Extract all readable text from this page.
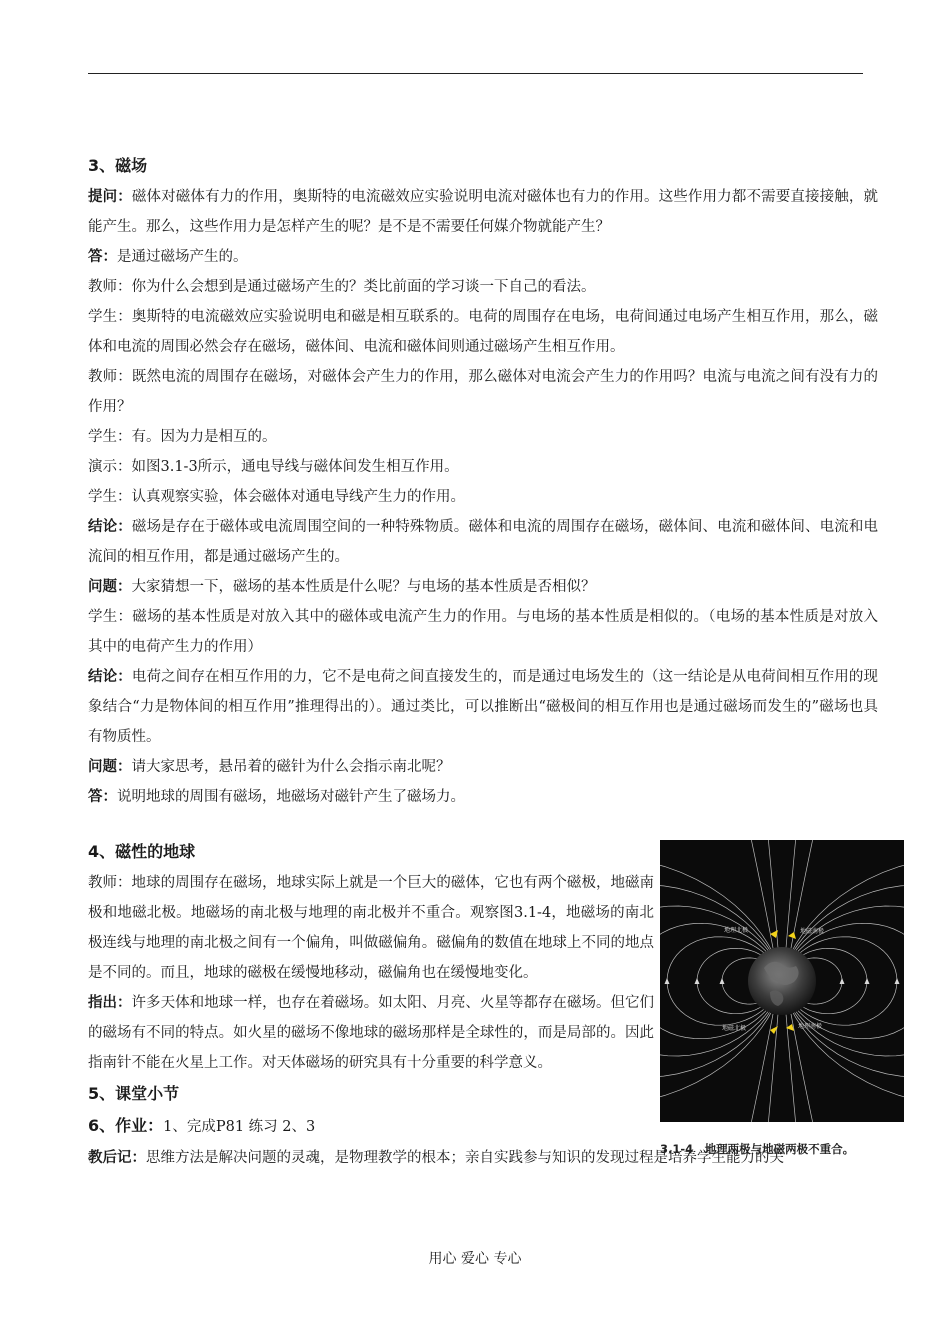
3、磁场

提问：磁体对磁体有力的作用，奥斯特的电流磁效应实验说明电流对磁体也有力的作用。这些作用力都不需要直接接触，就能产生。那么，这些作用力是怎样产生的呢？是不是不需要任何媒介物就能产生？

答：是通过磁场产生的。

教师：你为什么会想到是通过磁场产生的？类比前面的学习谈一下自己的看法。

学生：奥斯特的电流磁效应实验说明电和磁是相互联系的。电荷的周围存在电场，电荷间通过电场产生相互作用，那么，磁体和电流的周围必然会存在磁场，磁体间、电流和磁体间则通过磁场产生相互作用。

教师：既然电流的周围存在磁场，对磁体会产生力的作用，那么磁体对电流会产生力的作用吗？电流与电流之间有没有力的作用？

学生：有。因为力是相互的。

演示：如图3.1-3所示，通电导线与磁体间发生相互作用。

学生：认真观察实验，体会磁体对通电导线产生力的作用。

结论：磁场是存在于磁体或电流周围空间的一种特殊物质。磁体和电流的周围存在磁场，磁体间、电流和磁体间、电流和电流间的相互作用，都是通过磁场产生的。

问题：大家猜想一下，磁场的基本性质是什么呢？与电场的基本性质是否相似？

学生：磁场的基本性质是对放入其中的磁体或电流产生力的作用。与电场的基本性质是相似的。（电场的基本性质是对放入其中的电荷产生力的作用）

结论：电荷之间存在相互作用的力，它不是电荷之间直接发生的，而是通过电场发生的（这一结论是从电荷间相互作用的现象结合“力是物体间的相互作用”推理得出的）。通过类比，可以推断出“磁极间的相互作用也是通过磁场而发生的”磁场也具有物质性。

问题：请大家思考，悬吊着的磁针为什么会指示南北呢？

答：说明地球的周围有磁场，地磁场对磁针产生了磁场力。

4、磁性的地球

教师：地球的周围存在磁场，地球实际上就是一个巨大的磁体，它也有两个磁极，地磁南极和地磁北极。地磁场的南北极与地理的南北极并不重合。观察图3.1-4，地磁场的南北极连线与地理的南北极之间有一个偏角，叫做磁偏角。磁偏角的数值在地球上不同的地点是不同的。而且，地球的磁极在缓慢地移动，磁偏角也在缓慢地变化。

指出：许多天体和地球一样，也存在着磁场。如太阳、月亮、火星等都存在磁场。但它们的磁场有不同的特点。如火星的磁场不像地球的磁场那样是全球性的，而是局部的。因此指南针不能在火星上工作。对天体磁场的研究具有十分重要的科学意义。

5、课堂小节
6、作业：1、完成P81 练习 2、3
地理北极	地磁南极
地磁北极	地理南极
3.1-4　地理两极与地磁两极不重合。

教后记：思维方法是解决问题的灵魂，是物理教学的根本；亲自实践参与知识的发现过程是培养学生能力的关

用心 爱心 专心
